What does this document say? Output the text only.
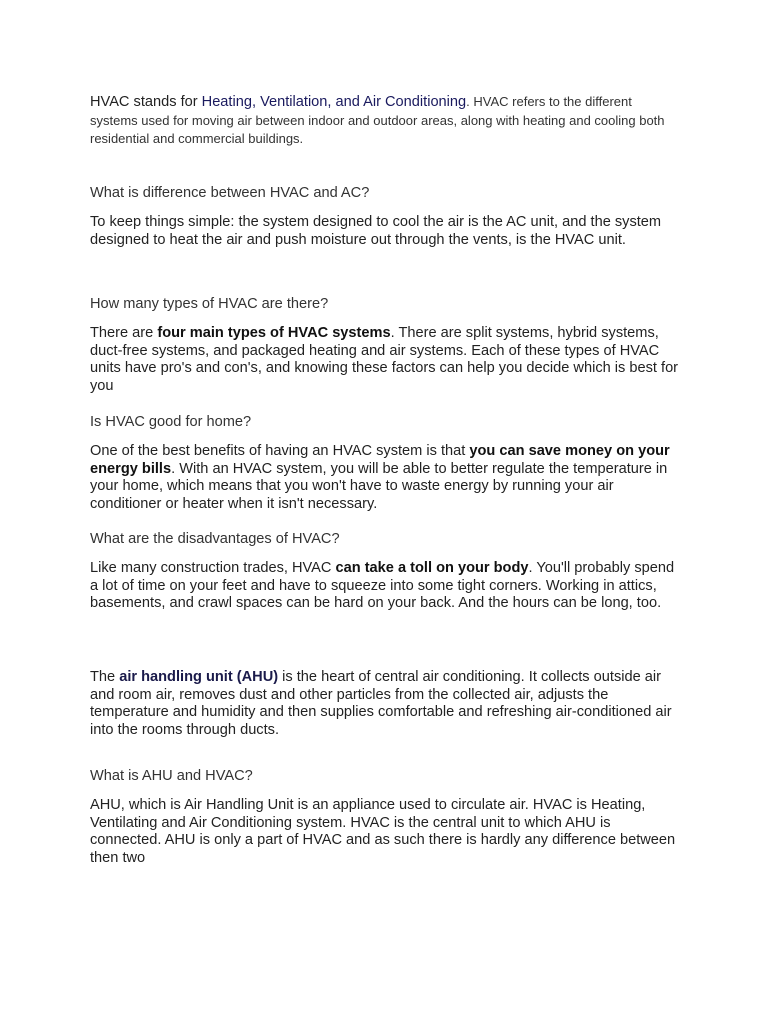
HVAC stands for Heating, Ventilation, and Air Conditioning. HVAC refers to the different systems used for moving air between indoor and outdoor areas, along with heating and cooling both residential and commercial buildings.

What is difference between HVAC and AC?

To keep things simple: the system designed to cool the air is the AC unit, and the system designed to heat the air and push moisture out through the vents, is the HVAC unit.

How many types of HVAC are there?

There are four main types of HVAC systems. There are split systems, hybrid systems, duct-free systems, and packaged heating and air systems. Each of these types of HVAC units have pro's and con's, and knowing these factors can help you decide which is best for you

Is HVAC good for home?

One of the best benefits of having an HVAC system is that you can save money on your energy bills. With an HVAC system, you will be able to better regulate the temperature in your home, which means that you won't have to waste energy by running your air conditioner or heater when it isn't necessary.

What are the disadvantages of HVAC?

Like many construction trades, HVAC can take a toll on your body. You'll probably spend a lot of time on your feet and have to squeeze into some tight corners. Working in attics, basements, and crawl spaces can be hard on your back. And the hours can be long, too.

The air handling unit (AHU) is the heart of central air conditioning. It collects outside air and room air, removes dust and other particles from the collected air, adjusts the temperature and humidity and then supplies comfortable and refreshing air-conditioned air into the rooms through ducts.

What is AHU and HVAC?

AHU, which is Air Handling Unit is an appliance used to circulate air. HVAC is Heating, Ventilating and Air Conditioning system. HVAC is the central unit to which AHU is connected. AHU is only a part of HVAC and as such there is hardly any difference between then two
